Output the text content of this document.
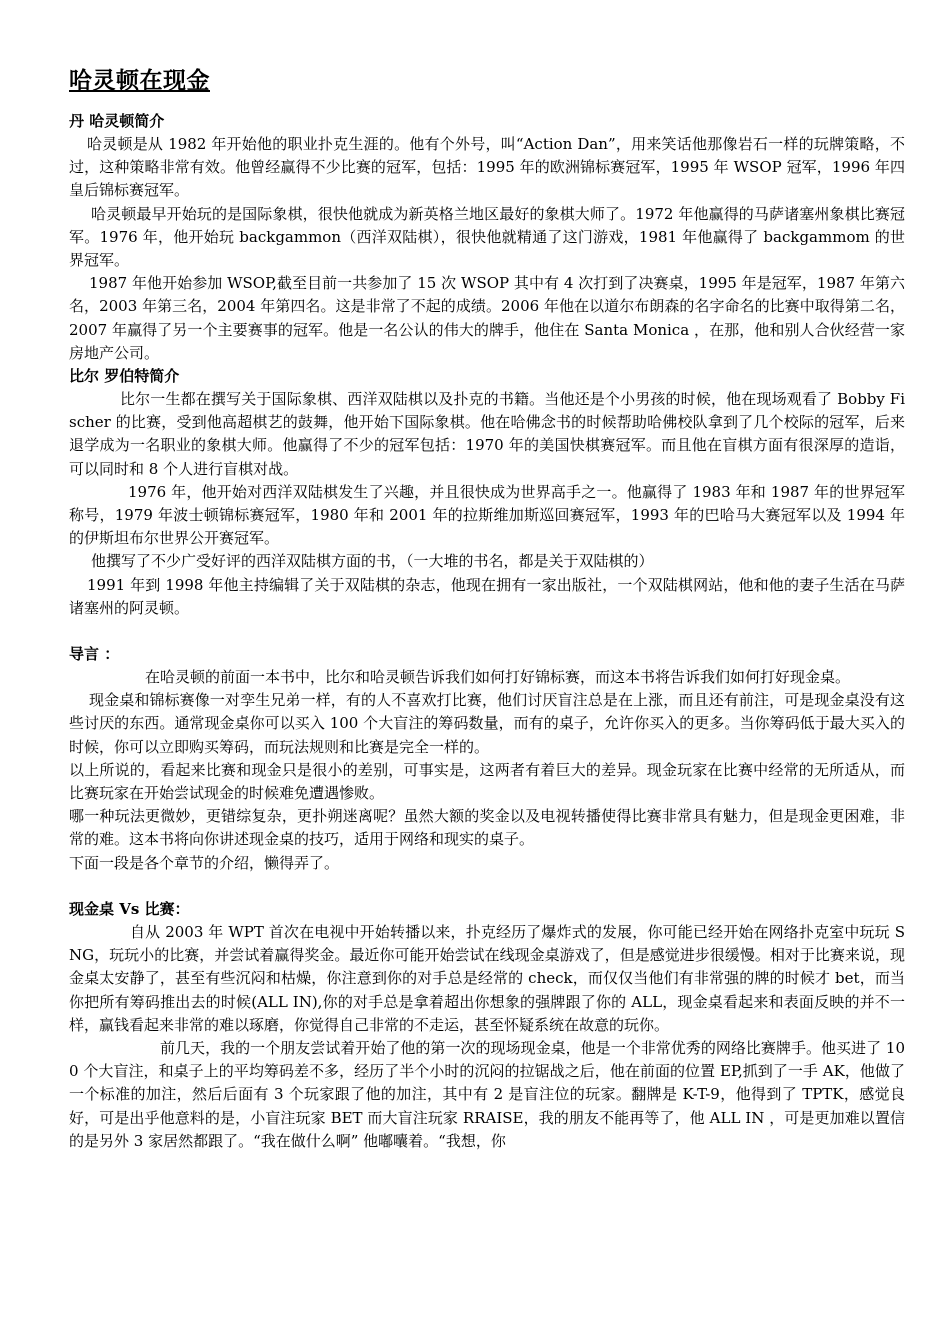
哈灵顿在现金
丹 哈灵顿简介

哈灵顿是从 1982 年开始他的职业扑克生涯的。他有个外号，叫“Action Dan”，用来笑话他那像岩石一样的玩牌策略，不过，这种策略非常有效。他曾经赢得不少比赛的冠军，包括：1995 年的欧洲锦标赛冠军，1995 年 WSOP 冠军，1996 年四皇后锦标赛冠军。

哈灵顿最早开始玩的是国际象棋，很快他就成为新英格兰地区最好的象棋大师了。1972 年他赢得的马萨诸塞州象棋比赛冠军。1976 年，他开始玩 backgammon（西洋双陆棋），很快他就精通了这门游戏，1981 年他赢得了 backgammom 的世界冠军。

1987 年他开始参加 WSOP,截至目前一共参加了 15 次 WSOP 其中有 4 次打到了决赛桌，1995 年是冠军，1987 年第六名，2003 年第三名，2004 年第四名。这是非常了不起的成绩。2006 年他在以道尔布朗森的名字命名的比赛中取得第二名，2007 年赢得了另一个主要赛事的冠军。他是一名公认的伟大的牌手，他住在 Santa Monica ，在那，他和别人合伙经营一家房地产公司。

比尔 罗伯特简介

比尔一生都在撰写关于国际象棋、西洋双陆棋以及扑克的书籍。当他还是个小男孩的时候，他在现场观看了 Bobby Fischer 的比赛，受到他高超棋艺的鼓舞，他开始下国际象棋。他在哈佛念书的时候帮助哈佛校队拿到了几个校际的冠军，后来退学成为一名职业的象棋大师。他赢得了不少的冠军包括：1970 年的美国快棋赛冠军。而且他在盲棋方面有很深厚的造诣，可以同时和 8 个人进行盲棋对战。

1976 年，他开始对西洋双陆棋发生了兴趣，并且很快成为世界高手之一。他赢得了 1983 年和 1987 年的世界冠军称号，1979 年波士顿锦标赛冠军，1980 年和 2001 年的拉斯维加斯巡回赛冠军，1993 年的巴哈马大赛冠军以及 1994 年的伊斯坦布尔世界公开赛冠军。

他撰写了不少广受好评的西洋双陆棋方面的书，（一大堆的书名，都是关于双陆棋的）

1991 年到 1998 年他主持编辑了关于双陆棋的杂志，他现在拥有一家出版社，一个双陆棋网站，他和他的妻子生活在马萨诸塞州的阿灵顿。

导言 ：

在哈灵顿的前面一本书中，比尔和哈灵顿告诉我们如何打好锦标赛，而这本书将告诉我们如何打好现金桌。

现金桌和锦标赛像一对孪生兄弟一样，有的人不喜欢打比赛，他们讨厌盲注总是在上涨，而且还有前注，可是现金桌没有这些讨厌的东西。通常现金桌你可以买入 100 个大盲注的筹码数量，而有的桌子，允许你买入的更多。当你筹码低于最大买入的时候，你可以立即购买筹码，而玩法规则和比赛是完全一样的。

以上所说的，看起来比赛和现金只是很小的差别，可事实是，这两者有着巨大的差异。现金玩家在比赛中经常的无所适从，而比赛玩家在开始尝试现金的时候难免遭遇惨败。

哪一种玩法更微妙，更错综复杂，更扑朔迷离呢？虽然大额的奖金以及电视转播使得比赛非常具有魅力，但是现金更困难，非常的难。这本书将向你讲述现金桌的技巧，适用于网络和现实的桌子。

下面一段是各个章节的介绍，懒得弄了。

现金桌 Vs 比赛：

自从 2003 年 WPT 首次在电视中开始转播以来，扑克经历了爆炸式的发展，你可能已经开始在网络扑克室中玩玩 SNG，玩玩小的比赛，并尝试着赢得奖金。最近你可能开始尝试在线现金桌游戏了，但是感觉进步很缓慢。相对于比赛来说，现金桌太安静了，甚至有些沉闷和枯燥，你注意到你的对手总是经常的 check，而仅仅当他们有非常强的牌的时候才 bet，而当你把所有筹码推出去的时候(ALL IN),你的对手总是拿着超出你想象的强牌跟了你的 ALL，现金桌看起来和表面反映的并不一样，赢钱看起来非常的难以琢磨，你觉得自己非常的不走运，甚至怀疑系统在故意的玩你。

前几天，我的一个朋友尝试着开始了他的第一次的现场现金桌，他是一个非常优秀的网络比赛牌手。他买进了 100 个大盲注，和桌子上的平均筹码差不多，经历了半个小时的沉闷的拉锯战之后，他在前面的位置 EP,抓到了一手 AK，他做了一个标准的加注，然后后面有 3 个玩家跟了他的加注，其中有 2 是盲注位的玩家。翻牌是 K-T-9，他得到了 TPTK，感觉良好，可是出乎他意料的是，小盲注玩家 BET 而大盲注玩家 RRAISE，我的朋友不能再等了，他 ALL IN ，可是更加难以置信的是另外 3 家居然都跟了。“我在做什么啊” 他嘟囔着。“我想，你
